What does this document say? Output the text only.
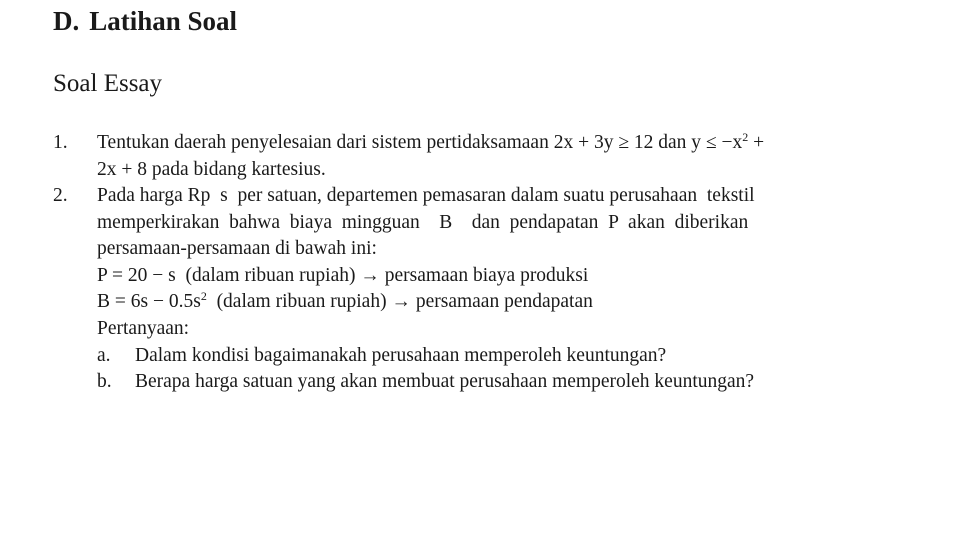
D. Latihan Soal
Soal Essay
1. Tentukan daerah penyelesaian dari sistem pertidaksamaan 2x + 3y ≥ 12 dan $y \le -x^2$ +
2x + 8 pada bidang kartesius.
2. Pada harga Rp  s  per satuan, departemen pemasaran dalam suatu perusahaan  tekstil
memperkirakan  bahwa  biaya  mingguan    B    dan  pendapatan  P  akan  diberikan
persamaan-persamaan di bawah ini:
P = 20 − s  (dalam ribuan rupiah) → persamaan biaya produksi
$B = 6s - 0.5s^2$  (dalam ribuan rupiah) → persamaan pendapatan
Pertanyaan:
a. Dalam kondisi bagaimanakah perusahaan memperoleh keuntungan?
b. Berapa harga satuan yang akan membuat perusahaan memperoleh keuntungan?
